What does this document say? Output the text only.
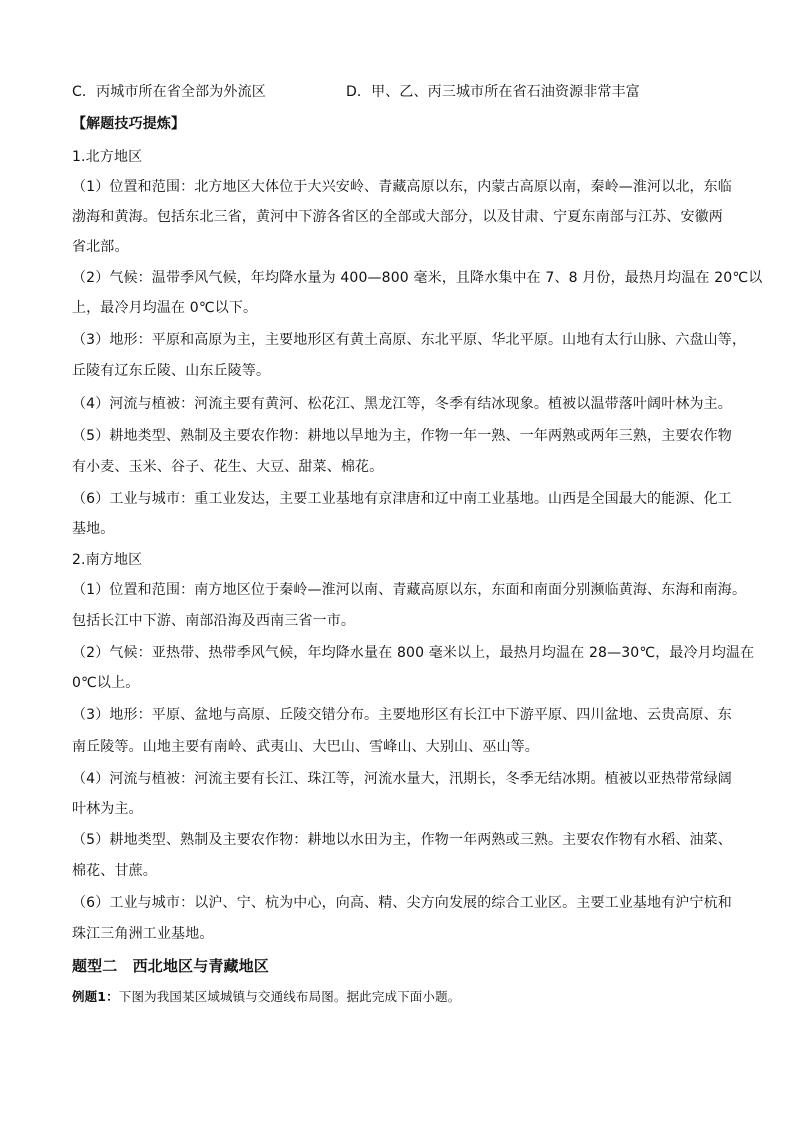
C．丙城市所在省全部为外流区	D．甲、乙、丙三城市所在省石油资源非常丰富
【解题技巧提炼】
1.北方地区
（1）位置和范围：北方地区大体位于大兴安岭、青藏高原以东，内蒙古高原以南，秦岭—淮河以北，东临
渤海和黄海。包括东北三省，黄河中下游各省区的全部或大部分，以及甘肃、宁夏东南部与江苏、安徽两
省北部。
（2）气候：温带季风气候，年均降水量为 400—800 毫米，且降水集中在 7、8 月份，最热月均温在 20℃以
上，最冷月均温在 0℃以下。
（3）地形：平原和高原为主，主要地形区有黄土高原、东北平原、华北平原。山地有太行山脉、六盘山等，
丘陵有辽东丘陵、山东丘陵等。
（4）河流与植被：河流主要有黄河、松花江、黑龙江等，冬季有结冰现象。植被以温带落叶阔叶林为主。
（5）耕地类型、熟制及主要农作物：耕地以旱地为主，作物一年一熟、一年两熟或两年三熟，主要农作物
有小麦、玉米、谷子、花生、大豆、甜菜、棉花。
（6）工业与城市：重工业发达，主要工业基地有京津唐和辽中南工业基地。山西是全国最大的能源、化工
基地。
2.南方地区
（1）位置和范围：南方地区位于秦岭—淮河以南、青藏高原以东，东面和南面分别濒临黄海、东海和南海。
包括长江中下游、南部沿海及西南三省一市。
（2）气候：亚热带、热带季风气候，年均降水量在 800 毫米以上，最热月均温在 28—30℃，最冷月均温在
0℃以上。
（3）地形：平原、盆地与高原、丘陵交错分布。主要地形区有长江中下游平原、四川盆地、云贵高原、东
南丘陵等。山地主要有南岭、武夷山、大巴山、雪峰山、大别山、巫山等。
（4）河流与植被：河流主要有长江、珠江等，河流水量大，汛期长，冬季无结冰期。植被以亚热带常绿阔
叶林为主。
（5）耕地类型、熟制及主要农作物：耕地以水田为主，作物一年两熟或三熟。主要农作物有水稻、油菜、
棉花、甘蔗。
（6）工业与城市：以沪、宁、杭为中心，向高、精、尖方向发展的综合工业区。主要工业基地有沪宁杭和
珠江三角洲工业基地。
题型二　西北地区与青藏地区
例题1：下图为我国某区域城镇与交通线布局图。据此完成下面小题。
